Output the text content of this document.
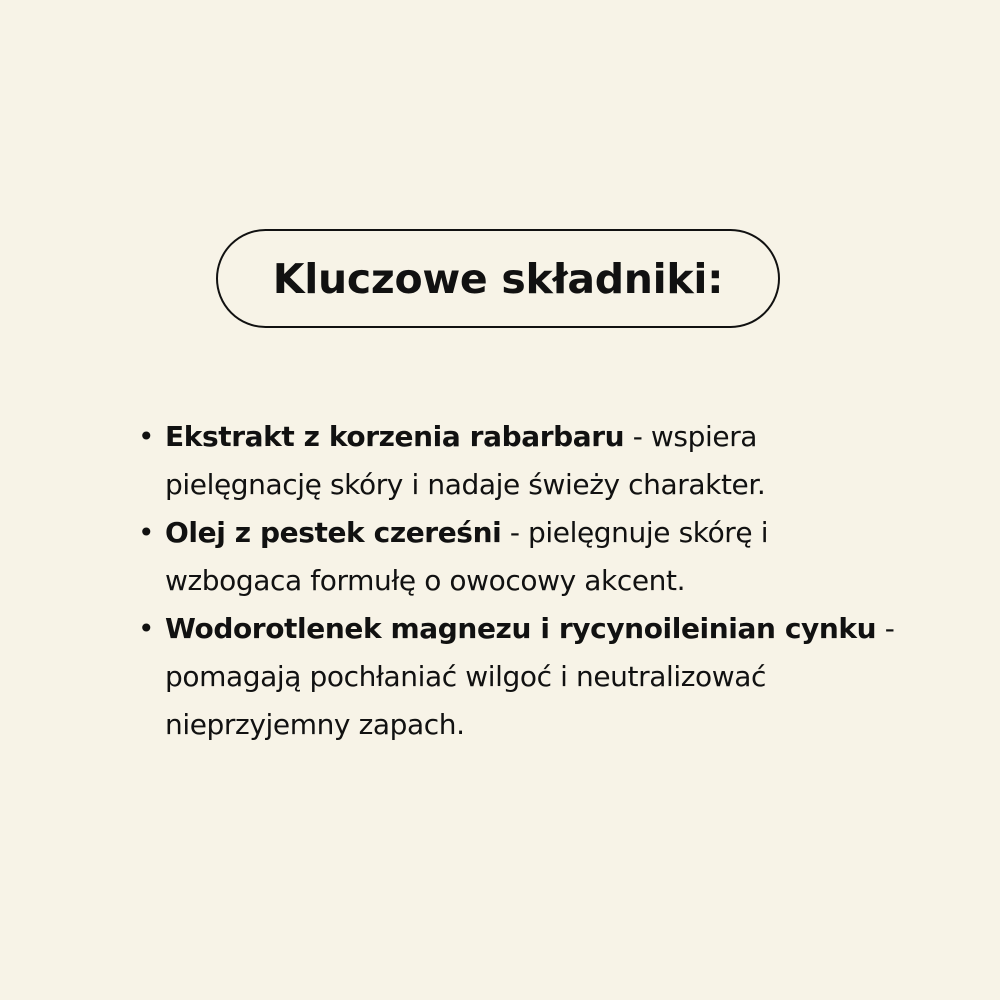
Kluczowe składniki:
• Ekstrakt z korzenia rabarbaru - wspiera pielęgnację skóry i nadaje świeży charakter.
• Olej z pestek czereśni - pielęgnuje skórę i wzbogaca formułę o owocowy akcent.
• Wodorotlenek magnezu i rycynoileinian cynku - pomagają pochłaniać wilgoć i neutralizować nieprzyjemny zapach.
